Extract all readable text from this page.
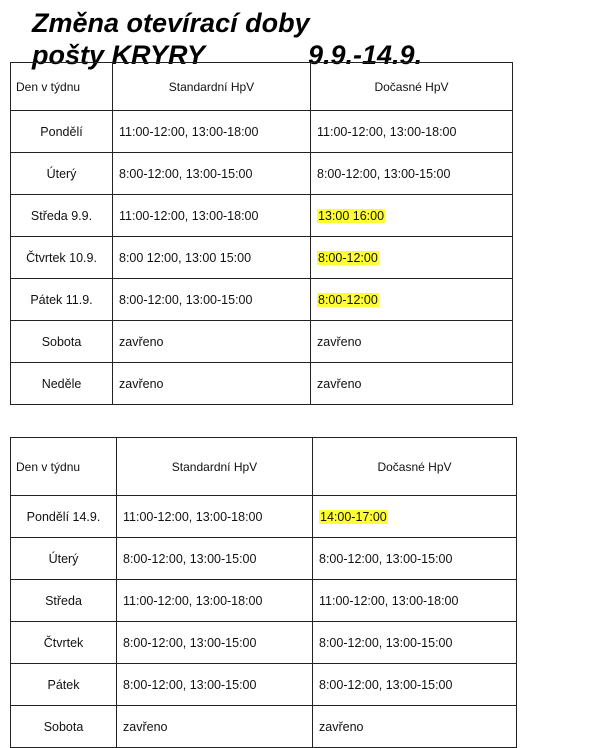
Změna otevírací doby
pošty KRYRY	9.9.-14.9.
Den v týdnu	Standardní HpV	Dočasné HpV
Pondělí	11:00-12:00, 13:00-18:00	11:00-12:00, 13:00-18:00
Úterý	8:00-12:00, 13:00-15:00	8:00-12:00, 13:00-15:00
Středa 9.9.	11:00-12:00, 13:00-18:00	13:00 16:00
Čtvrtek 10.9.	8:00 12:00, 13:00 15:00	8:00-12:00
Pátek 11.9.	8:00-12:00, 13:00-15:00	8:00-12:00
Sobota	zavřeno	zavřeno
Neděle	zavřeno	zavřeno
Den v týdnu	Standardní HpV	Dočasné HpV
Pondělí 14.9.	11:00-12:00, 13:00-18:00	14:00-17:00
Úterý	8:00-12:00, 13:00-15:00	8:00-12:00, 13:00-15:00
Středa	11:00-12:00, 13:00-18:00	11:00-12:00, 13:00-18:00
Čtvrtek	8:00-12:00, 13:00-15:00	8:00-12:00, 13:00-15:00
Pátek	8:00-12:00, 13:00-15:00	8:00-12:00, 13:00-15:00
Sobota	zavřeno	zavřeno
